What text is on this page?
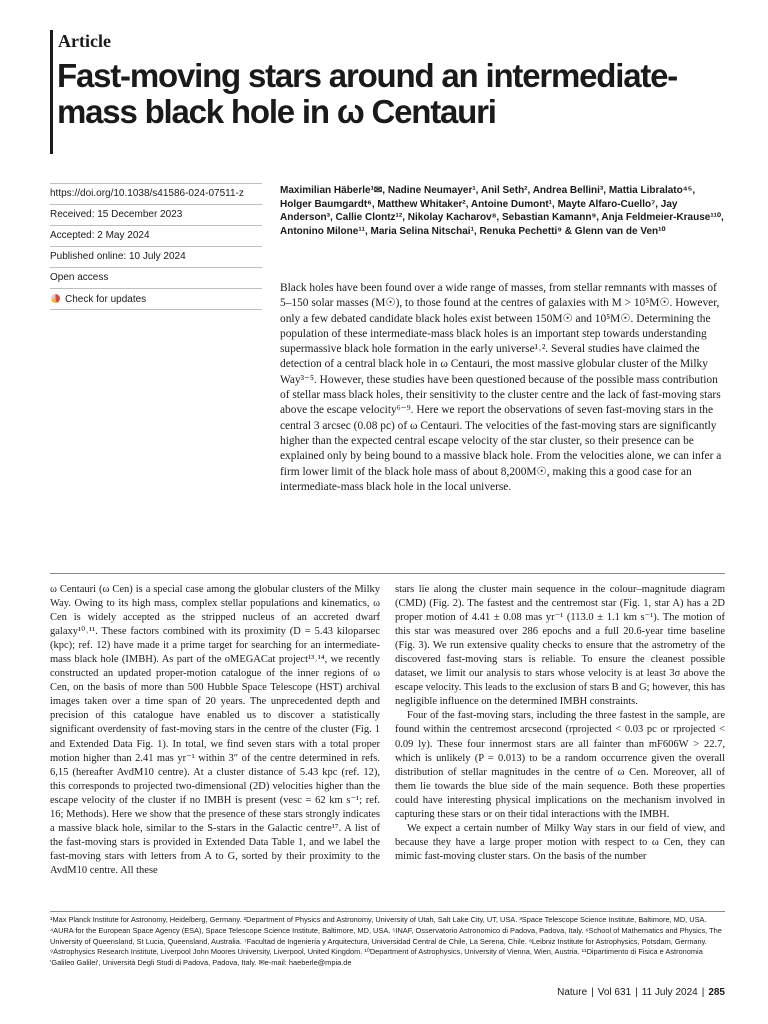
Article
Fast-moving stars around an intermediate-mass black hole in ω Centauri
https://doi.org/10.1038/s41586-024-07511-z
Received: 15 December 2023
Accepted: 2 May 2024
Published online: 10 July 2024
Open access
Check for updates

Maximilian Häberle¹✉, Nadine Neumayer¹, Anil Seth², Andrea Bellini³, Mattia Libralato⁴⁵, Holger Baumgardt⁶, Matthew Whitaker², Antoine Dumont¹, Mayte Alfaro-Cuello⁷, Jay Anderson³, Callie Clontz¹², Nikolay Kacharov⁸, Sebastian Kamann⁹, Anja Feldmeier-Krause¹¹⁰, Antonino Milone¹¹, Maria Selina Nitschai¹, Renuka Pechetti⁹ & Glenn van de Ven¹⁰

Black holes have been found over a wide range of masses, from stellar remnants with masses of 5–150 solar masses (M☉), to those found at the centres of galaxies with M > 10⁵M☉. However, only a few debated candidate black holes exist between 150M☉ and 10⁵M☉. Determining the population of these intermediate-mass black holes is an important step towards understanding supermassive black hole formation in the early universe¹˒². Several studies have claimed the detection of a central black hole in ω Centauri, the most massive globular cluster of the Milky Way³⁻⁵. However, these studies have been questioned because of the possible mass contribution of stellar mass black holes, their sensitivity to the cluster centre and the lack of fast-moving stars above the escape velocity⁶⁻⁹. Here we report the observations of seven fast-moving stars in the central 3 arcsec (0.08 pc) of ω Centauri. The velocities of the fast-moving stars are significantly higher than the expected central escape velocity of the star cluster, so their presence can be explained only by being bound to a massive black hole. From the velocities alone, we can infer a firm lower limit of the black hole mass of about 8,200M☉, making this a good case for an intermediate-mass black hole in the local universe.

ω Centauri (ω Cen) is a special case among the globular clusters of the Milky Way. Owing to its high mass, complex stellar populations and kinematics, ω Cen is widely accepted as the stripped nucleus of an accreted dwarf galaxy¹⁰˒¹¹. These factors combined with its proximity (D = 5.43 kiloparsec (kpc); ref. 12) have made it a prime target for searching for an intermediate-mass black hole (IMBH). As part of the oMEGACat project¹³˒¹⁴, we recently constructed an updated proper-motion catalogue of the inner regions of ω Cen, on the basis of more than 500 Hubble Space Telescope (HST) archival images taken over a time span of 20 years. The unprecedented depth and precision of this catalogue have enabled us to discover a statistically significant overdensity of fast-moving stars in the centre of the cluster (Fig. 1 and Extended Data Fig. 1). In total, we find seven stars with a total proper motion higher than 2.41 mas yr⁻¹ within 3″ of the centre determined in refs. 6,15 (hereafter AvdM10 centre). At a cluster distance of 5.43 kpc (ref. 12), this corresponds to projected two-dimensional (2D) velocities higher than the escape velocity of the cluster if no IMBH is present (vesc = 62 km s⁻¹; ref. 16; Methods). Here we show that the presence of these stars strongly indicates a massive black hole, similar to the S-stars in the Galactic centre¹⁷. A list of the fast-moving stars is provided in Extended Data Table 1, and we label the fast-moving stars with letters from A to G, sorted by their proximity to the AvdM10 centre. All these

stars lie along the cluster main sequence in the colour–magnitude diagram (CMD) (Fig. 2). The fastest and the centremost star (Fig. 1, star A) has a 2D proper motion of 4.41 ± 0.08 mas yr⁻¹ (113.0 ± 1.1 km s⁻¹). The motion of this star was measured over 286 epochs and a full 20.6-year time baseline (Fig. 3). We run extensive quality checks to ensure that the astrometry of the discovered fast-moving stars is reliable. To ensure the cleanest possible dataset, we limit our analysis to stars whose velocity is at least 3σ above the escape velocity. This leads to the exclusion of stars B and G; however, this has negligible influence on the determined IMBH constraints.

Four of the fast-moving stars, including the three fastest in the sample, are found within the centremost arcsecond (rprojected < 0.03 pc or rprojected < 0.09 ly). These four innermost stars are all fainter than mF606W > 22.7, which is unlikely (P = 0.013) to be a random occurrence given the overall distribution of stellar magnitudes in the centre of ω Cen. Moreover, all of them lie towards the blue side of the main sequence. Both these properties could have interesting physical implications on the mechanism involved in capturing these stars or on their tidal interactions with the IMBH.

We expect a certain number of Milky Way stars in our field of view, and because they have a large proper motion with respect to ω Cen, they can mimic fast-moving cluster stars. On the basis of the number

¹Max Planck Institute for Astronomy, Heidelberg, Germany. ²Department of Physics and Astronomy, University of Utah, Salt Lake City, UT, USA. ³Space Telescope Science Institute, Baltimore, MD, USA. ⁴AURA for the European Space Agency (ESA), Space Telescope Science Institute, Baltimore, MD, USA. ⁵INAF, Osservatorio Astronomico di Padova, Padova, Italy. ⁶School of Mathematics and Physics, The University of Queensland, St Lucia, Queensland, Australia. ⁷Facultad de Ingeniería y Arquitectura, Universidad Central de Chile, La Serena, Chile. ⁸Leibniz Institute for Astrophysics, Potsdam, Germany. ⁹Astrophysics Research Institute, Liverpool John Moores University, Liverpool, United Kingdom. ¹⁰Department of Astrophysics, University of Vienna, Wien, Austria. ¹¹Dipartimento di Fisica e Astronomia 'Galileo Galilei', Università Degli Studi di Padova, Padova, Italy. ✉e-mail: haeberle@mpia.de

Nature | Vol 631 | 11 July 2024 | 285
